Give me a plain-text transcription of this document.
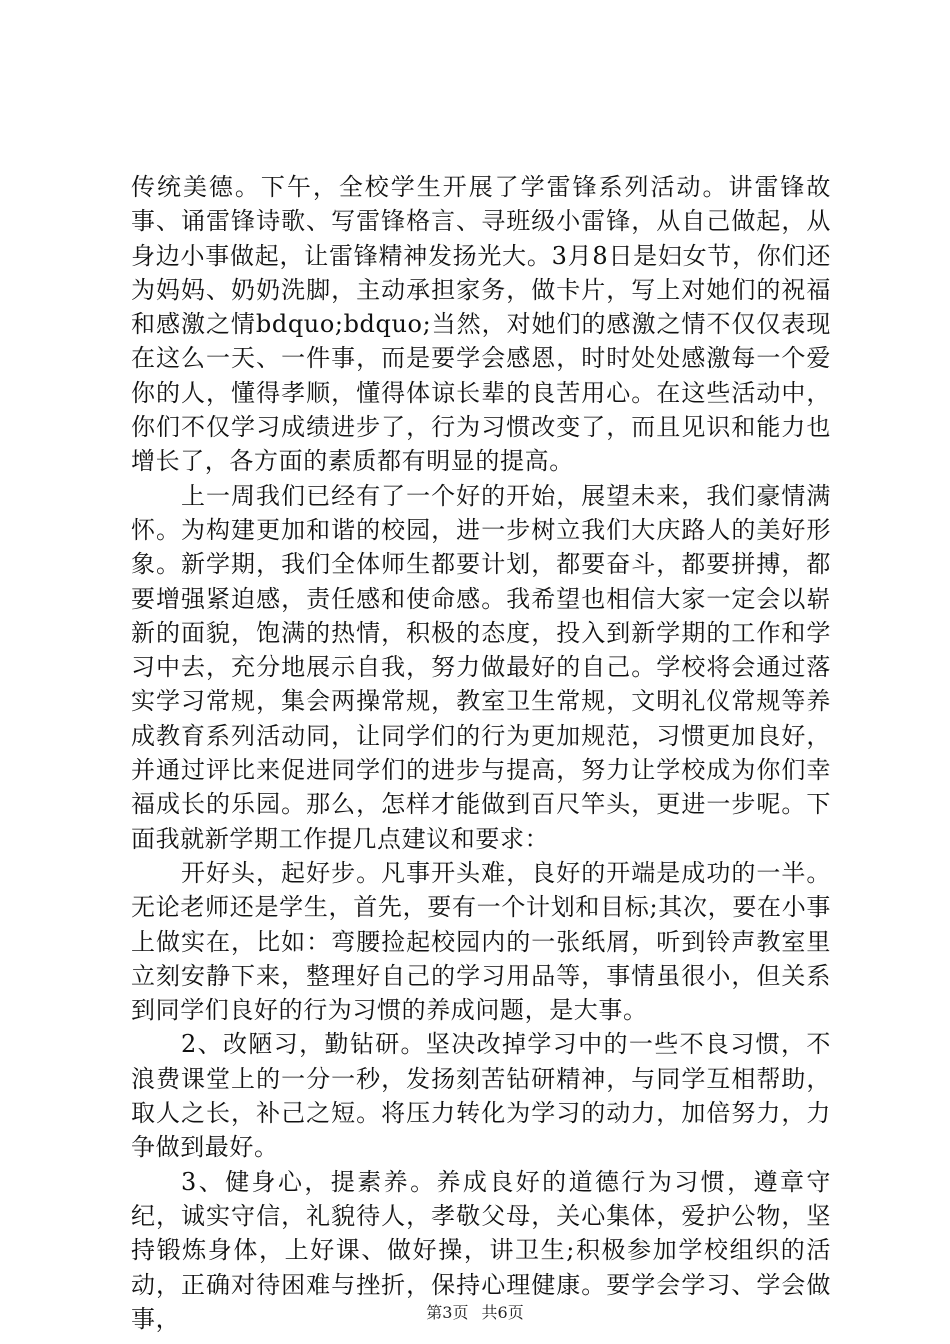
传统美德。下午，全校学生开展了学雷锋系列活动。讲雷锋故事、诵雷锋诗歌、写雷锋格言、寻班级小雷锋，从自己做起，从身边小事做起，让雷锋精神发扬光大。3月8日是妇女节，你们还为妈妈、奶奶洗脚，主动承担家务，做卡片，写上对她们的祝福和感激之情bdquo;bdquo;当然，对她们的感激之情不仅仅表现在这么一天、一件事，而是要学会感恩，时时处处感激每一个爱你的人，懂得孝顺，懂得体谅长辈的良苦用心。在这些活动中，你们不仅学习成绩进步了，行为习惯改变了，而且见识和能力也增长了，各方面的素质都有明显的提高。

上一周我们已经有了一个好的开始，展望未来，我们豪情满怀。为构建更加和谐的校园，进一步树立我们大庆路人的美好形象。新学期，我们全体师生都要计划，都要奋斗，都要拼搏，都要增强紧迫感，责任感和使命感。我希望也相信大家一定会以崭新的面貌，饱满的热情，积极的态度，投入到新学期的工作和学习中去，充分地展示自我，努力做最好的自己。学校将会通过落实学习常规，集会两操常规，教室卫生常规，文明礼仪常规等养成教育系列活动同，让同学们的行为更加规范，习惯更加良好，并通过评比来促进同学们的进步与提高，努力让学校成为你们幸福成长的乐园。那么，怎样才能做到百尺竿头，更进一步呢。下面我就新学期工作提几点建议和要求：

开好头，起好步。凡事开头难，良好的开端是成功的一半。无论老师还是学生，首先，要有一个计划和目标;其次，要在小事上做实在，比如：弯腰捡起校园内的一张纸屑，听到铃声教室里立刻安静下来，整理好自己的学习用品等，事情虽很小，但关系到同学们良好的行为习惯的养成问题，是大事。

2、改陋习，勤钻研。坚决改掉学习中的一些不良习惯，不浪费课堂上的一分一秒，发扬刻苦钻研精神，与同学互相帮助，取人之长，补己之短。将压力转化为学习的动力，加倍努力，力争做到最好。

3、健身心，提素养。养成良好的道德行为习惯，遵章守纪，诚实守信，礼貌待人，孝敬父母，关心集体，爱护公物，坚持锻炼身体，上好课、做好操，讲卫生;积极参加学校组织的活动，正确对待困难与挫折，保持心理健康。要学会学习、学会做事，	第3页 共6页
